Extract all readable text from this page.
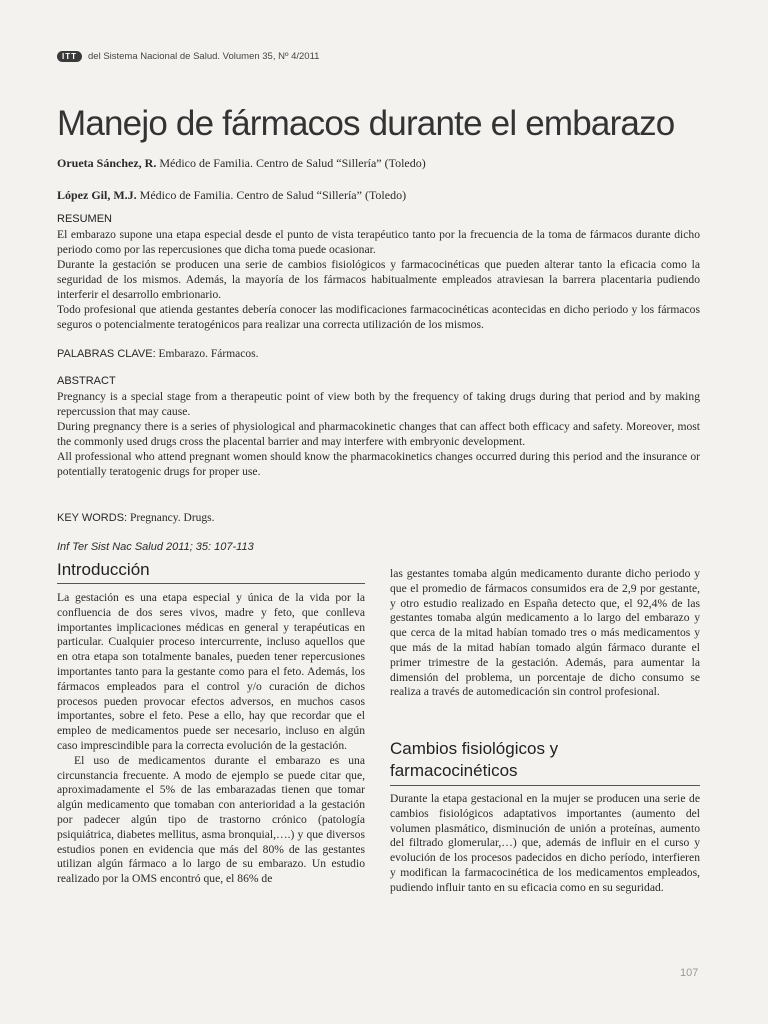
ITT	del Sistema Nacional de Salud. Volumen 35, Nº 4/2011
Manejo de fármacos durante el embarazo
Orueta Sánchez, R. Médico de Familia. Centro de Salud “Sillería” (Toledo)
López Gil, M.J. Médico de Familia. Centro de Salud “Sillería” (Toledo)
RESUMEN

El embarazo supone una etapa especial desde el punto de vista terapéutico tanto por la frecuencia de la toma de fármacos durante dicho periodo como por las repercusiones que dicha toma puede ocasionar.

Durante la gestación se producen una serie de cambios fisiológicos y farmacocinéticas que pueden alterar tanto la eficacia como la seguridad de los mismos. Además, la mayoría de los fármacos habitualmente empleados atraviesan la barrera placentaria pudiendo interferir el desarrollo embrionario.

Todo profesional que atienda gestantes debería conocer las modificaciones farmacocinéticas acontecidas en dicho periodo y los fármacos seguros o potencialmente teratogénicos para realizar una correcta utilización de los mismos.

PALABRAS CLAVE: Embarazo. Fármacos.
ABSTRACT

Pregnancy is a special stage from a therapeutic point of view both by the frequency of taking drugs during that period and by making repercussion that may cause.

During pregnancy there is a series of physiological and pharmacokinetic changes that can affect both efficacy and safety. Moreover, most the commonly used drugs cross the placental barrier and may interfere with embryonic development.

All professional who attend pregnant women should know the pharmacokinetics changes occurred during this period and the insurance or potentially teratogenic drugs for proper use.

KEY WORDS: Pregnancy. Drugs.
Inf Ter Sist Nac Salud 2011; 35: 107-113
Introducción

La gestación es una etapa especial y única de la vida por la confluencia de dos seres vivos, madre y feto, que conlleva importantes implicaciones médicas en general y terapéuticas en particular. Cualquier proceso intercurrente, incluso aquellos que en otra etapa son totalmente banales, pueden tener repercusiones importantes tanto para la gestante como para el feto. Además, los fármacos empleados para el control y/o curación de dichos procesos pueden provocar efectos adversos, en muchos casos importantes, sobre el feto. Pese a ello, hay que recordar que el empleo de medicamentos puede ser necesario, incluso en algún caso imprescindible para la correcta evolución de la gestación.

El uso de medicamentos durante el embarazo es una circunstancia frecuente. A modo de ejemplo se puede citar que, aproximadamente el 5% de las embarazadas tienen que tomar algún medicamento que tomaban con anterioridad a la gestación por padecer algún tipo de trastorno crónico (patología psiquiátrica, diabetes mellitus, asma bronquial,….) y que diversos estudios ponen en evidencia que más del 80% de las gestantes utilizan algún fármaco a lo largo de su embarazo. Un estudio realizado por la OMS encontró que, el 86% de

las gestantes tomaba algún medicamento durante dicho periodo y que el promedio de fármacos consumidos era de 2,9 por gestante, y otro estudio realizado en España detecto que, el 92,4% de las gestantes tomaba algún medicamento a lo largo del embarazo y que cerca de la mitad habían tomado tres o más medicamentos y que más de la mitad habían tomado algún fármaco durante el primer trimestre de la gestación. Además, para aumentar la dimensión del problema, un porcentaje de dicho consumo se realiza a través de automedicación sin control profesional.

Cambios fisiológicos y
farmacocinéticos

Durante la etapa gestacional en la mujer se producen una serie de cambios fisiológicos adaptativos importantes (aumento del volumen plasmático, disminución de unión a proteínas, aumento del filtrado glomerular,…) que, además de influir en el curso y evolución de los procesos padecidos en dicho período, interfieren y modifican la farmacocinética de los medicamentos empleados, pudiendo influir tanto en su eficacia como en su seguridad.

107
